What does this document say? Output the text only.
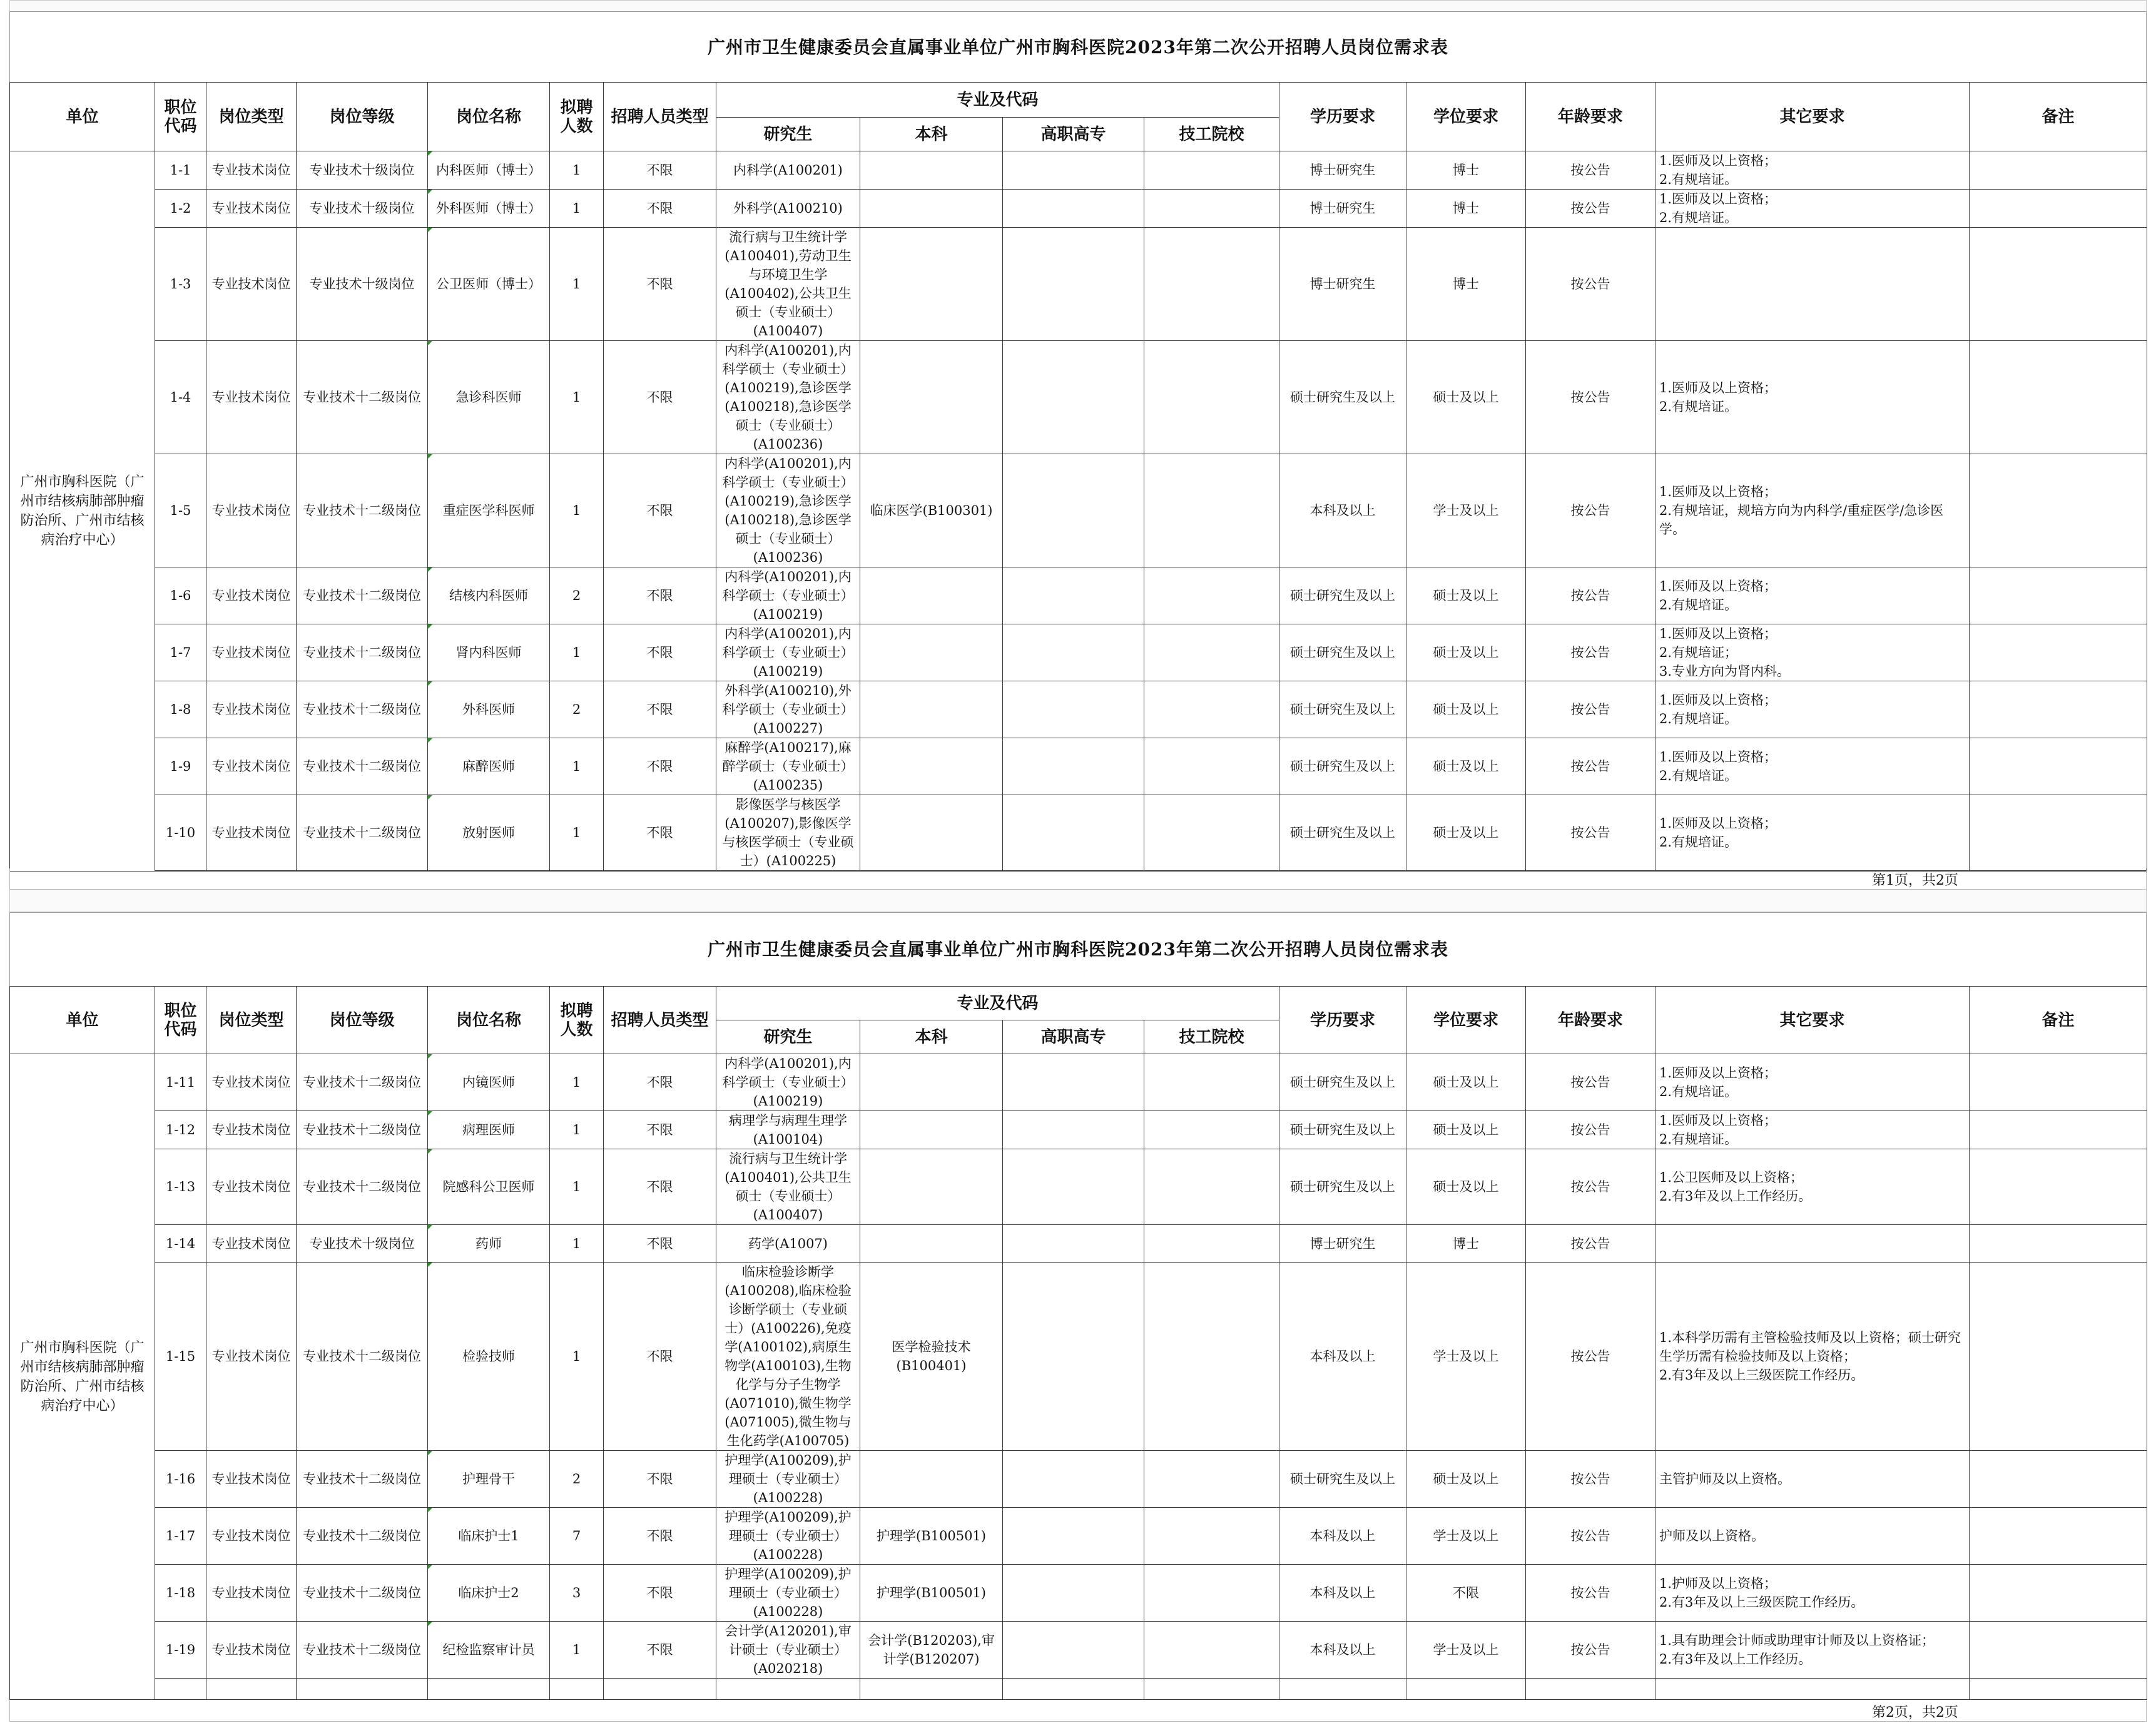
广州市卫生健康委员会直属事业单位广州市胸科医院2023年第二次公开招聘人员岗位需求表
单位	职位代码	岗位类型	岗位等级	岗位名称	拟聘人数	招聘人员类型	专业及代码				学历要求	学位要求	年龄要求	其它要求	备注
							研究生	本科	高职高专	技工院校					
广州市胸科医院（广州市结核病肺部肿瘤防治所、广州市结核病治疗中心）	1-1	专业技术岗位	专业技术十级岗位	内科医师（博士）	1	不限	内科学(A100201)				博士研究生	博士	按公告	1.医师及以上资格；
2.有规培证。	
	1-2	专业技术岗位	专业技术十级岗位	外科医师（博士）	1	不限	外科学(A100210)				博士研究生	博士	按公告	1.医师及以上资格；
2.有规培证。	
	1-3	专业技术岗位	专业技术十级岗位	公卫医师（博士）	1	不限	流行病与卫生统计学(A100401),劳动卫生与环境卫生学(A100402),公共卫生硕士（专业硕士）(A100407)				博士研究生	博士	按公告		
	1-4	专业技术岗位	专业技术十二级岗位	急诊科医师	1	不限	内科学(A100201),内科学硕士（专业硕士）(A100219),急诊医学(A100218),急诊医学硕士（专业硕士）(A100236)				硕士研究生及以上	硕士及以上	按公告	1.医师及以上资格；
2.有规培证。	
	1-5	专业技术岗位	专业技术十二级岗位	重症医学科医师	1	不限	内科学(A100201),内科学硕士（专业硕士）(A100219),急诊医学(A100218),急诊医学硕士（专业硕士）(A100236)	临床医学(B100301)			本科及以上	学士及以上	按公告	1.医师及以上资格；
2.有规培证，规培方向为内科学/重症医学/急诊医学。	
	1-6	专业技术岗位	专业技术十二级岗位	结核内科医师	2	不限	内科学(A100201),内科学硕士（专业硕士）(A100219)				硕士研究生及以上	硕士及以上	按公告	1.医师及以上资格；
2.有规培证。	
	1-7	专业技术岗位	专业技术十二级岗位	肾内科医师	1	不限	内科学(A100201),内科学硕士（专业硕士）(A100219)				硕士研究生及以上	硕士及以上	按公告	1.医师及以上资格；
2.有规培证；
3.专业方向为肾内科。	
	1-8	专业技术岗位	专业技术十二级岗位	外科医师	2	不限	外科学(A100210),外科学硕士（专业硕士）(A100227)				硕士研究生及以上	硕士及以上	按公告	1.医师及以上资格；
2.有规培证。	
	1-9	专业技术岗位	专业技术十二级岗位	麻醉医师	1	不限	麻醉学(A100217),麻醉学硕士（专业硕士）(A100235)				硕士研究生及以上	硕士及以上	按公告	1.医师及以上资格；
2.有规培证。	
	1-10	专业技术岗位	专业技术十二级岗位	放射医师	1	不限	影像医学与核医学(A100207),影像医学与核医学硕士（专业硕士）(A100225)				硕士研究生及以上	硕士及以上	按公告	1.医师及以上资格；
2.有规培证。	

第1页，共2页
广州市卫生健康委员会直属事业单位广州市胸科医院2023年第二次公开招聘人员岗位需求表
单位	职位代码	岗位类型	岗位等级	岗位名称	拟聘人数	招聘人员类型	专业及代码				学历要求	学位要求	年龄要求	其它要求	备注
							研究生	本科	高职高专	技工院校					
广州市胸科医院（广州市结核病肺部肿瘤防治所、广州市结核病治疗中心）	1-11	专业技术岗位	专业技术十二级岗位	内镜医师	1	不限	内科学(A100201),内科学硕士（专业硕士）(A100219)				硕士研究生及以上	硕士及以上	按公告	1.医师及以上资格；
2.有规培证。	
	1-12	专业技术岗位	专业技术十二级岗位	病理医师	1	不限	病理学与病理生理学(A100104)				硕士研究生及以上	硕士及以上	按公告	1.医师及以上资格；
2.有规培证。	
	1-13	专业技术岗位	专业技术十二级岗位	院感科公卫医师	1	不限	流行病与卫生统计学(A100401),公共卫生硕士（专业硕士）(A100407)				硕士研究生及以上	硕士及以上	按公告	1.公卫医师及以上资格；
2.有3年及以上工作经历。	
	1-14	专业技术岗位	专业技术十级岗位	药师	1	不限	药学(A1007)				博士研究生	博士	按公告		
	1-15	专业技术岗位	专业技术十二级岗位	检验技师	1	不限	临床检验诊断学(A100208),临床检验诊断学硕士（专业硕士）(A100226),免疫学(A100102),病原生物学(A100103),生物化学与分子生物学(A071010),微生物学(A071005),微生物与生化药学(A100705)	医学检验技术(B100401)			本科及以上	学士及以上	按公告	1.本科学历需有主管检验技师及以上资格；硕士研究生学历需有检验技师及以上资格；
2.有3年及以上三级医院工作经历。	
	1-16	专业技术岗位	专业技术十二级岗位	护理骨干	2	不限	护理学(A100209),护理硕士（专业硕士）(A100228)				硕士研究生及以上	硕士及以上	按公告	主管护师及以上资格。	
	1-17	专业技术岗位	专业技术十二级岗位	临床护士1	7	不限	护理学(A100209),护理硕士（专业硕士）(A100228)	护理学(B100501)			本科及以上	学士及以上	按公告	护师及以上资格。	
	1-18	专业技术岗位	专业技术十二级岗位	临床护士2	3	不限	护理学(A100209),护理硕士（专业硕士）(A100228)	护理学(B100501)			本科及以上	不限	按公告	1.护师及以上资格；
2.有3年及以上三级医院工作经历。	
	1-19	专业技术岗位	专业技术十二级岗位	纪检监察审计员	1	不限	会计学(A120201),审计硕士（专业硕士）(A020218)	会计学(B120203),审计学(B120207)			本科及以上	学士及以上	按公告	1.具有助理会计师或助理审计师及以上资格证；
2.有3年及以上工作经历。	

第2页，共2页
